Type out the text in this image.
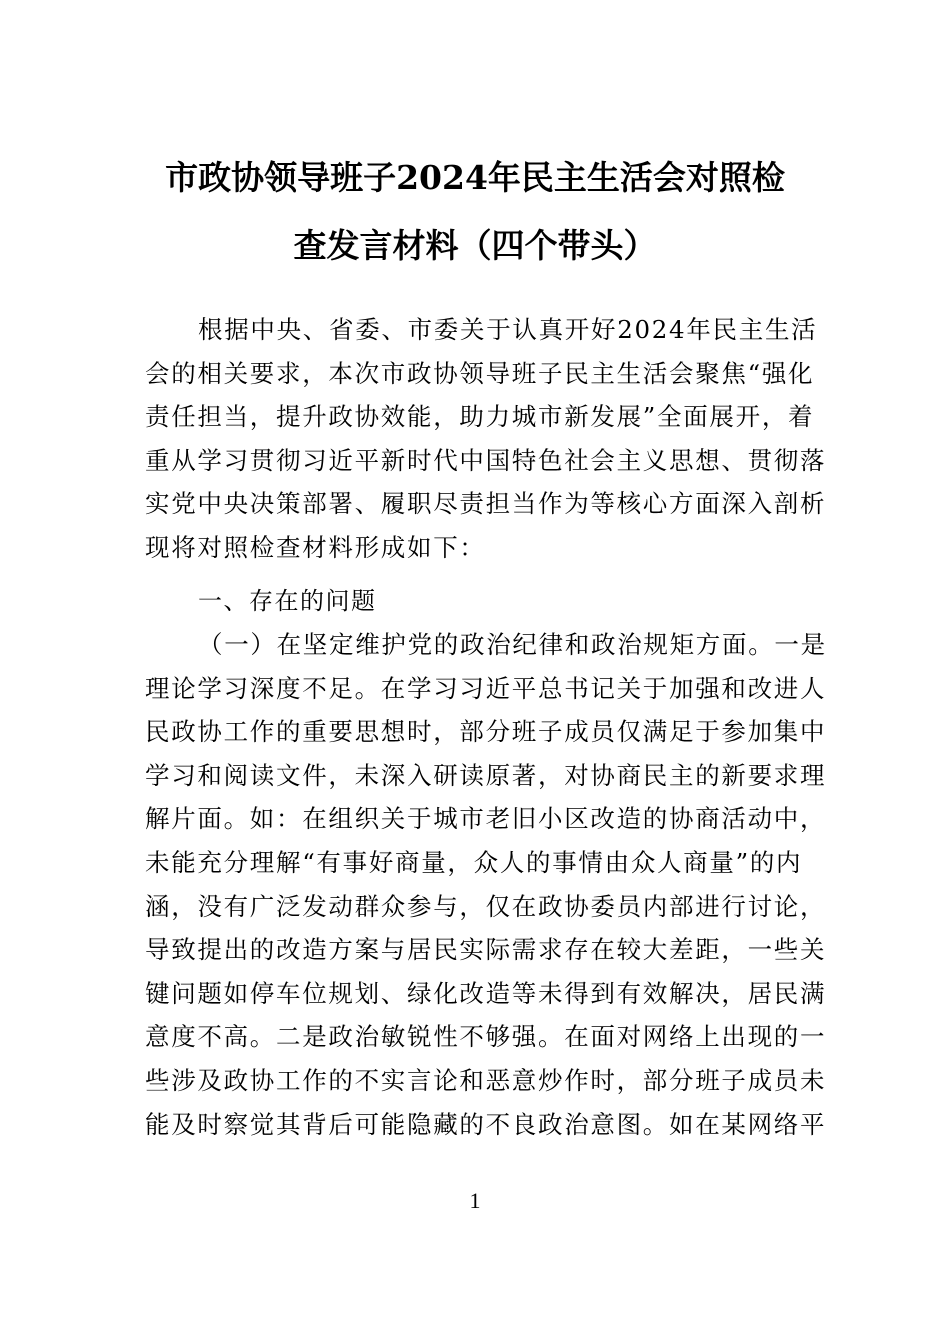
市政协领导班子2024年民主生活会对照检
查发言材料（四个带头）
根据中央、省委、市委关于认真开好2024年民主生活
会的相关要求，本次市政协领导班子民主生活会聚焦“强化
责任担当，提升政协效能，助力城市新发展”全面展开，着
重从学习贯彻习近平新时代中国特色社会主义思想、贯彻落
实党中央决策部署、履职尽责担当作为等核心方面深入剖析
现将对照检查材料形成如下：
一、存在的问题
（一）在坚定维护党的政治纪律和政治规矩方面。一是
理论学习深度不足。在学习习近平总书记关于加强和改进人
民政协工作的重要思想时，部分班子成员仅满足于参加集中
学习和阅读文件，未深入研读原著，对协商民主的新要求理
解片面。如：在组织关于城市老旧小区改造的协商活动中，
未能充分理解“有事好商量，众人的事情由众人商量”的内
涵，没有广泛发动群众参与，仅在政协委员内部进行讨论，
导致提出的改造方案与居民实际需求存在较大差距，一些关
键问题如停车位规划、绿化改造等未得到有效解决，居民满
意度不高。二是政治敏锐性不够强。在面对网络上出现的一
些涉及政协工作的不实言论和恶意炒作时，部分班子成员未
能及时察觉其背后可能隐藏的不良政治意图。如在某网络平
1
